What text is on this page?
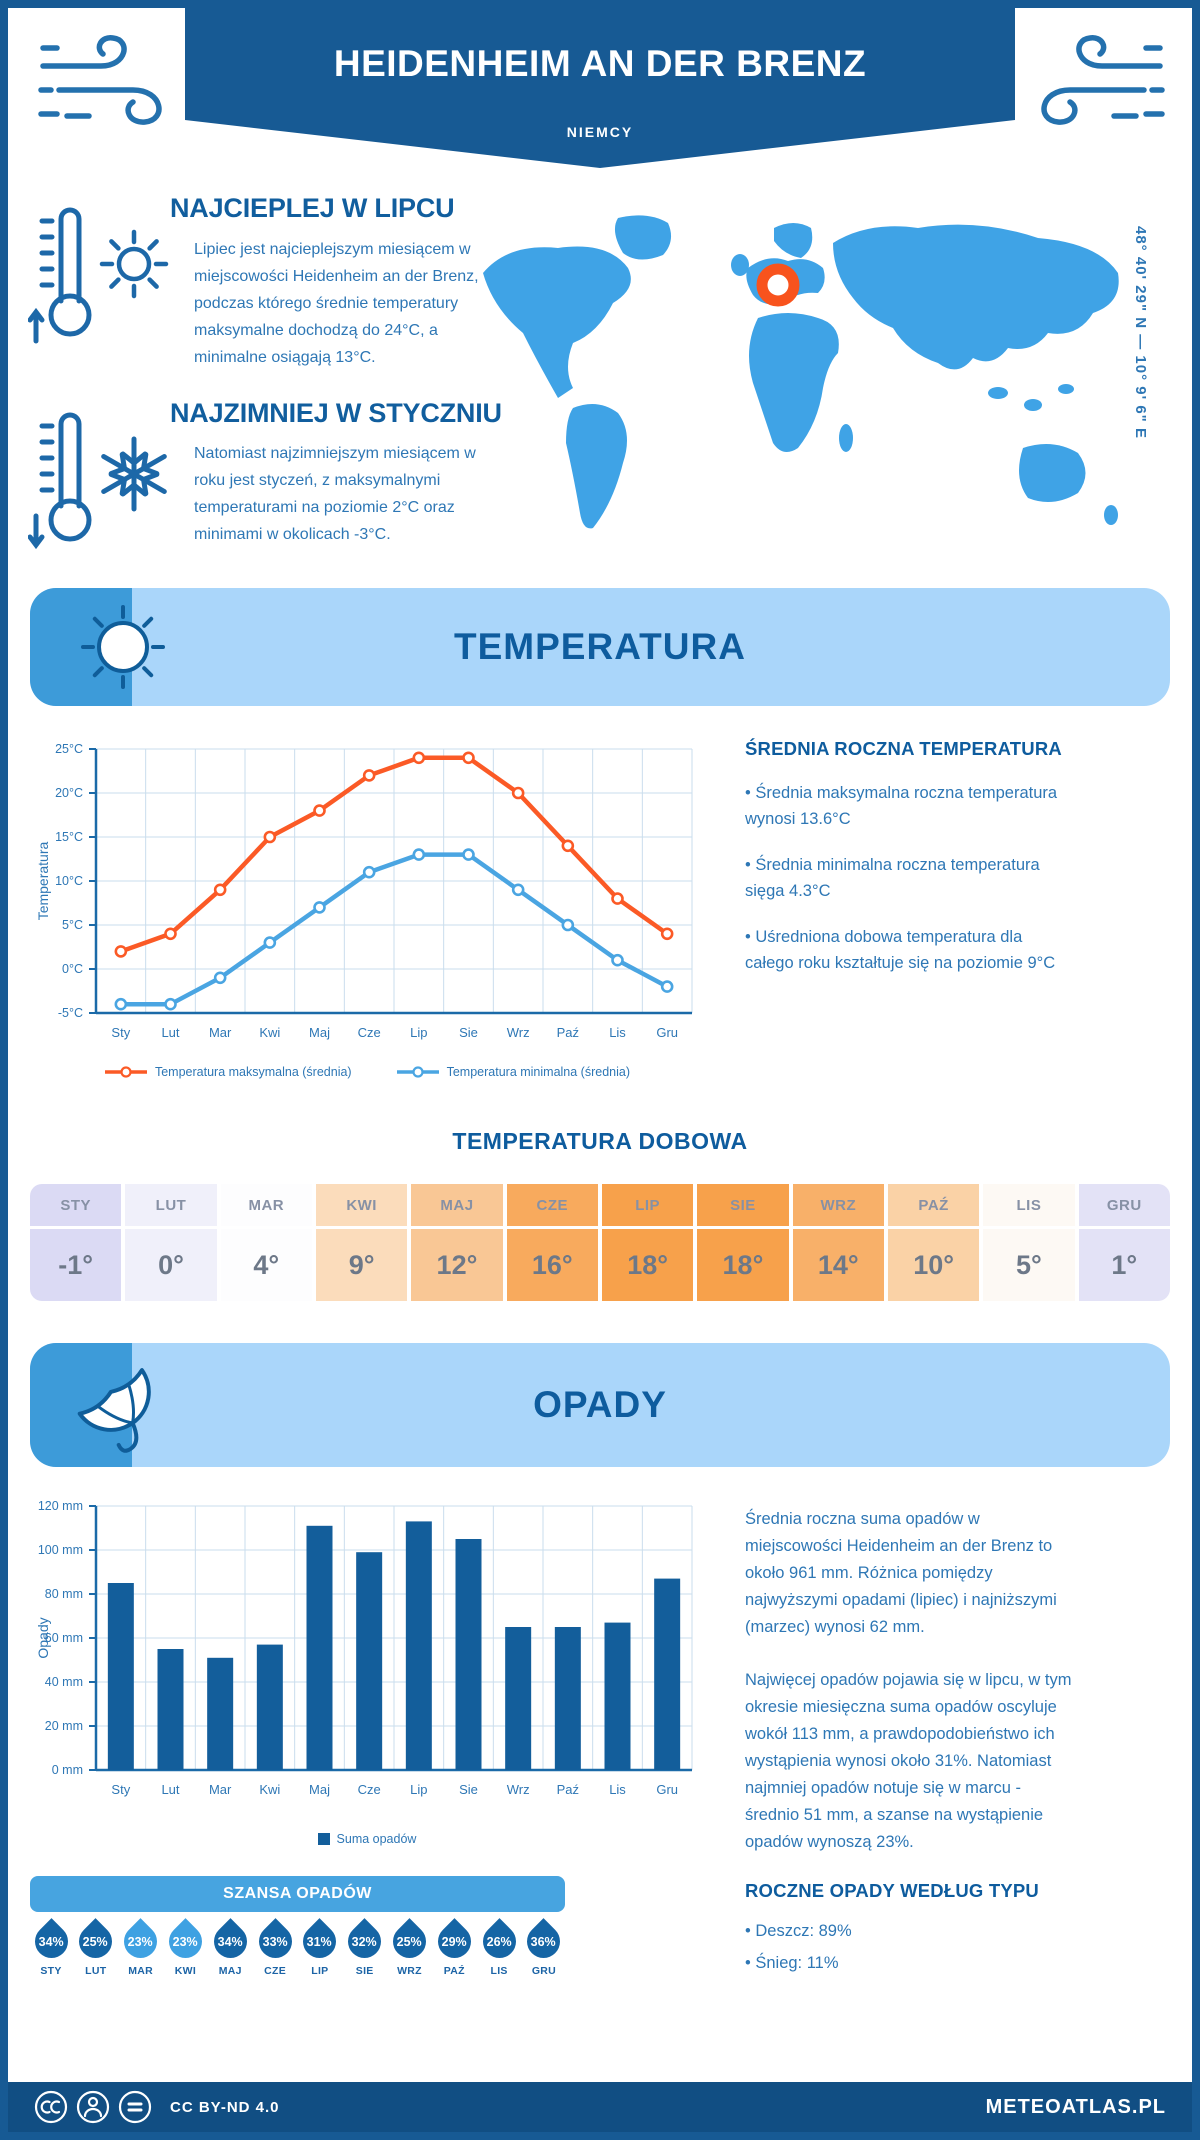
HEIDENHEIM AN DER BRENZ
NIEMCY
NAJCIEPLEJ W LIPCU
Lipiec jest najcieplejszym miesiącem w miejscowości Heidenheim an der Brenz, podczas którego średnie temperatury maksymalne dochodzą do 24°C, a minimalne osiągają 13°C.
NAJZIMNIEJ W STYCZNIU
Natomiast najzimniejszym miesiącem w roku jest styczeń, z maksymalnymi temperaturami na poziomie 2°C oraz minimami w okolicach -3°C.
48° 40' 29" N — 10° 9' 6" E
TEMPERATURA
25°C
20°C
15°C
10°C
5°C
0°C
-5°C
Sty Lut Mar Kwi Maj Cze Lip Sie Wrz Paź Lis Gru
Temperatura
Temperatura maksymalna (średnia)	Temperatura minimalna (średnia)
ŚREDNIA ROCZNA TEMPERATURA
• Średnia maksymalna roczna temperatura wynosi 13.6°C
• Średnia minimalna roczna temperatura sięga 4.3°C
• Uśredniona dobowa temperatura dla całego roku kształtuje się na poziomie 9°C
TEMPERATURA DOBOWA
STY
-1°
LUT
0°
MAR
4°
KWI
9°
MAJ
12°
CZE
16°
LIP
18°
SIE
18°
WRZ
14°
PAŹ
10°
LIS
5°
GRU
1°
OPADY
120 mm
100 mm
80 mm
60 mm
40 mm
20 mm
0 mm
Sty Lut Mar Kwi Maj Cze Lip Sie Wrz Paź Lis Gru
Opady
Suma opadów
Średnia roczna suma opadów w miejscowości Heidenheim an der Brenz to około 961 mm. Różnica pomiędzy najwyższymi opadami (lipiec) i najniższymi (marzec) wynosi 62 mm.
Najwięcej opadów pojawia się w lipcu, w tym okresie miesięczna suma opadów oscyluje wokół 113 mm, a prawdopodobieństwo ich wystąpienia wynosi około 31%. Natomiast najmniej opadów notuje się w marcu - średnio 51 mm, a szanse na wystąpienie opadów wynoszą 23%.
SZANSA OPADÓW
34%
STY
25%
LUT
23%
MAR
23%
KWI
34%
MAJ
33%
CZE
31%
LIP
32%
SIE
25%
WRZ
29%
PAŹ
26%
LIS
36%
GRU
ROCZNE OPADY WEDŁUG TYPU
• Deszcz: 89%
• Śnieg: 11%
CC BY-ND 4.0	METEOATLAS.PL
